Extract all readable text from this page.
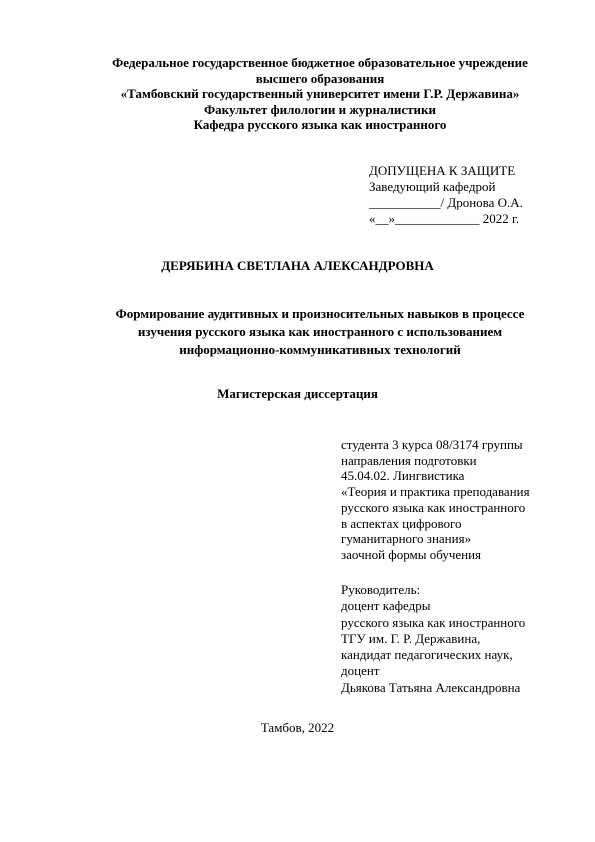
Федеральное государственное бюджетное образовательное учреждение
высшего образования
«Тамбовский государственный университет имени Г.Р. Державина»
Факультет филологии и журналистики
Кафедра русского языка как иностранного
ДОПУЩЕНА К ЗАЩИТЕ
Заведующий кафедрой
___________/ Дронова О.А.
«__»_____________ 2022 г.
ДЕРЯБИНА СВЕТЛАНА АЛЕКСАНДРОВНА
Формирование аудитивных и произносительных навыков в процессе
изучения русского языка как иностранного с использованием
информационно-коммуникативных технологий
Магистерская диссертация
студента 3 курса 08/3174 группы
направления подготовки
45.04.02. Лингвистика
«Теория и практика преподавания
русского языка как иностранного
в аспектах цифрового
гуманитарного знания»
заочной формы обучения
Руководитель:
доцент кафедры
русского языка как иностранного
ТГУ им. Г. Р. Державина,
кандидат педагогических наук,
доцент
Дьякова Татьяна Александровна
Тамбов, 2022
